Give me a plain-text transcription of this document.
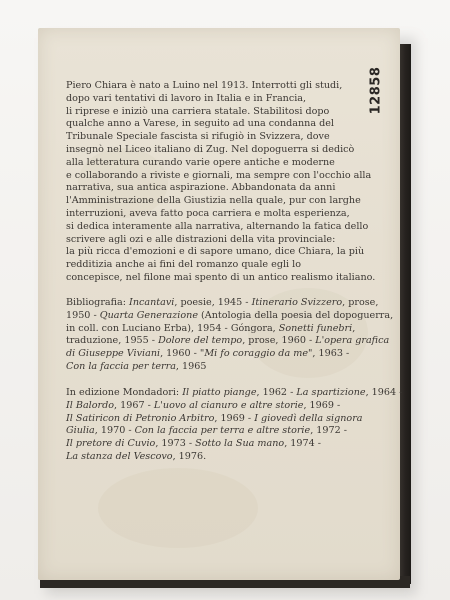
12858
Piero Chiara è nato a Luino nel 1913. Interrotti gli studi,
dopo vari tentativi di lavoro in Italia e in Francia,
li riprese e iniziò una carriera statale. Stabilitosi dopo
qualche anno a Varese, in seguito ad una condanna del
Tribunale Speciale fascista si rifugiò in Svizzera, dove
insegnò nel Liceo italiano di Zug. Nel dopoguerra si dedicò
alla letteratura curando varie opere antiche e moderne
e collaborando a riviste e giornali, ma sempre con l'occhio alla
narrativa, sua antica aspirazione. Abbandonata da anni
l'Amministrazione della Giustizia nella quale, pur con larghe
interruzioni, aveva fatto poca carriera e molta esperienza,
si dedica interamente alla narrativa, alternando la fatica dello
scrivere agli ozi e alle distrazioni della vita provinciale:
la più ricca d'emozioni e di sapore umano, dice Chiara, la più
redditizia anche ai fini del romanzo quale egli lo
concepisce, nel filone mai spento di un antico realismo italiano.
Bibliografia: Incantavi, poesie, 1945 - Itinerario Svizzero, prose,
1950 - Quarta Generazione (Antologia della poesia del dopoguerra,
in coll. con Luciano Erba), 1954 - Góngora, Sonetti funebri,
traduzione, 1955 - Dolore del tempo, prose, 1960 - L'opera grafica
di Giuseppe Viviani, 1960 - "Mi fo coraggio da me", 1963 -
Con la faccia per terra, 1965
In edizione Mondadori: Il piatto piange, 1962 - La spartizione, 1964 -
Il Balordo, 1967 - L'uovo al cianuro e altre storie, 1969 -
Il Satiricon di Petronio Arbitro, 1969 - I giovedì della signora
Giulia, 1970 - Con la faccia per terra e altre storie, 1972 -
Il pretore di Cuvio, 1973 - Sotto la Sua mano, 1974 -
La stanza del Vescovo, 1976.
